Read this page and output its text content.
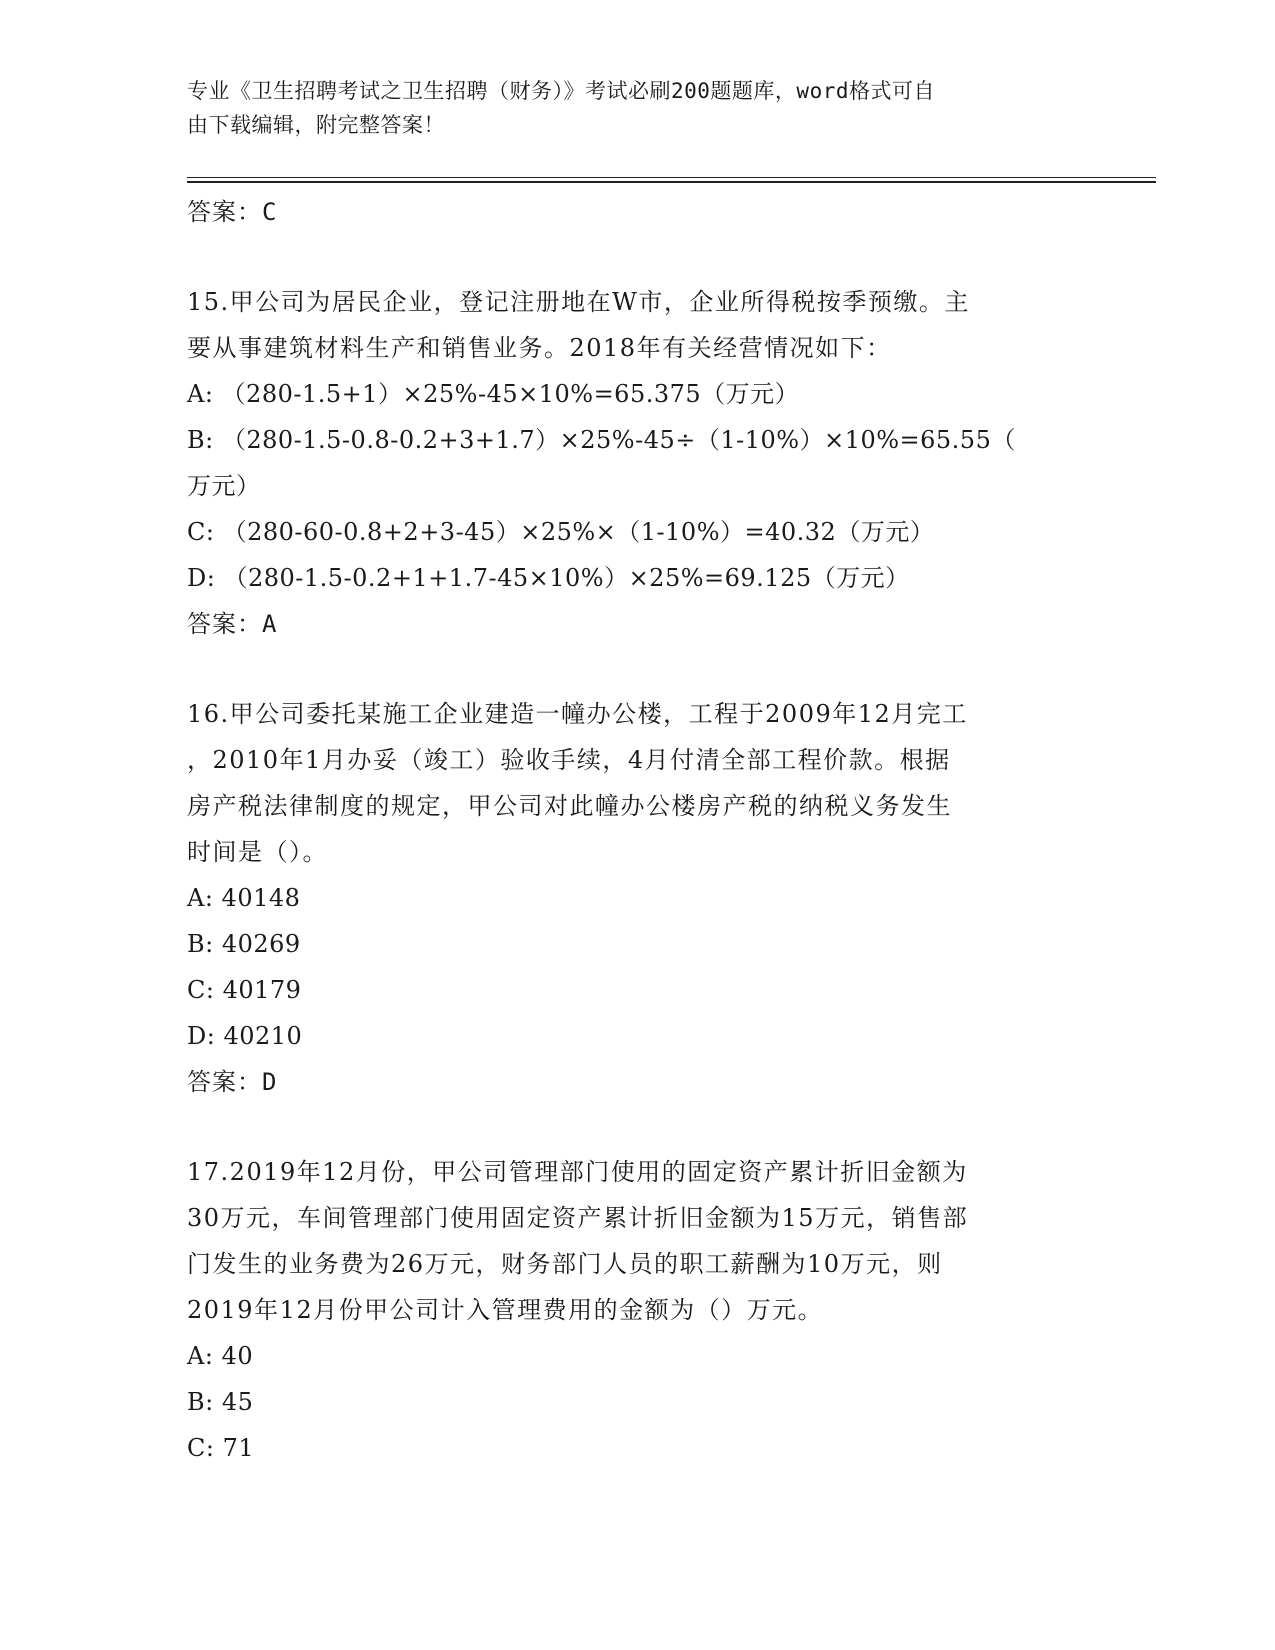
专业《卫生招聘考试之卫生招聘（财务）》考试必刷200题题库，word格式可自
由下载编辑，附完整答案！
答案：C
15.甲公司为居民企业，登记注册地在W市，企业所得税按季预缴。主
要从事建筑材料生产和销售业务。2018年有关经营情况如下：
A: （280-1.5+1）×25%-45×10%=65.375（万元）
B: （280-1.5-0.8-0.2+3+1.7）×25%-45÷（1-10%）×10%=65.55（
万元）
C: （280-60-0.8+2+3-45）×25%×（1-10%）=40.32（万元）
D: （280-1.5-0.2+1+1.7-45×10%）×25%=69.125（万元）
答案：A
16.甲公司委托某施工企业建造一幢办公楼，工程于2009年12月完工
，2010年1月办妥（竣工）验收手续，4月付清全部工程价款。根据
房产税法律制度的规定，甲公司对此幢办公楼房产税的纳税义务发生
时间是（）。
A: 40148
B: 40269
C: 40179
D: 40210
答案：D
17.2019年12月份，甲公司管理部门使用的固定资产累计折旧金额为
30万元，车间管理部门使用固定资产累计折旧金额为15万元，销售部
门发生的业务费为26万元，财务部门人员的职工薪酬为10万元，则
2019年12月份甲公司计入管理费用的金额为（）万元。
A: 40
B: 45
C: 71
